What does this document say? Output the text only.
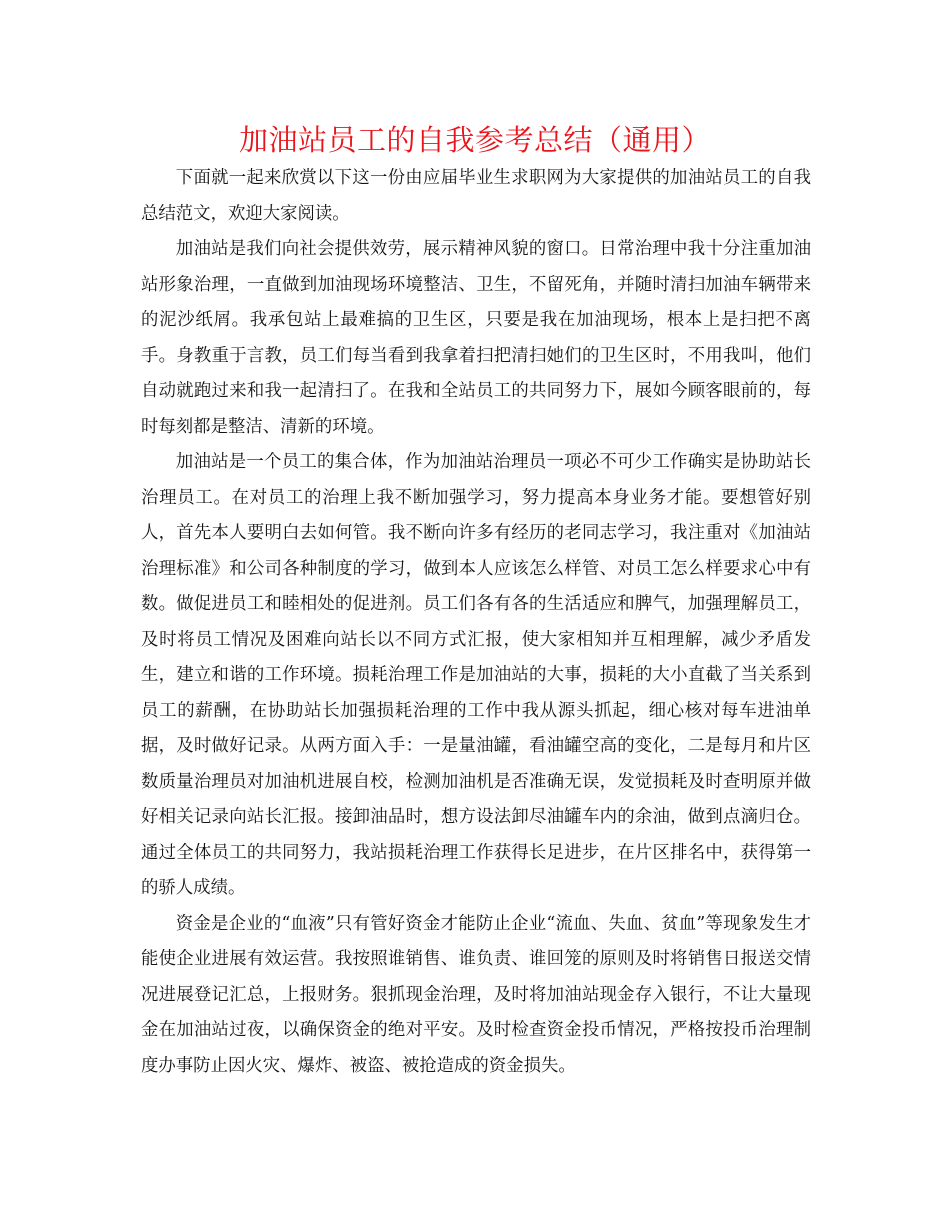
加油站员工的自我参考总结（通用）

下面就一起来欣赏以下这一份由应届毕业生求职网为大家提供的加油站员工的自我总结范文，欢迎大家阅读。

加油站是我们向社会提供效劳，展示精神风貌的窗口。日常治理中我十分注重加油站形象治理，一直做到加油现场环境整洁、卫生，不留死角，并随时清扫加油车辆带来的泥沙纸屑。我承包站上最难搞的卫生区，只要是我在加油现场，根本上是扫把不离手。身教重于言教，员工们每当看到我拿着扫把清扫她们的卫生区时，不用我叫，他们自动就跑过来和我一起清扫了。在我和全站员工的共同努力下，展如今顾客眼前的，每时每刻都是整洁、清新的环境。

加油站是一个员工的集合体，作为加油站治理员一项必不可少工作确实是协助站长治理员工。在对员工的治理上我不断加强学习，努力提高本身业务才能。要想管好别人，首先本人要明白去如何管。我不断向许多有经历的老同志学习，我注重对《加油站治理标准》和公司各种制度的学习，做到本人应该怎么样管、对员工怎么样要求心中有数。做促进员工和睦相处的促进剂。员工们各有各的生活适应和脾气，加强理解员工，及时将员工情况及困难向站长以不同方式汇报，使大家相知并互相理解，减少矛盾发生，建立和谐的工作环境。损耗治理工作是加油站的大事，损耗的大小直截了当关系到员工的薪酬，在协助站长加强损耗治理的工作中我从源头抓起，细心核对每车进油单据，及时做好记录。从两方面入手：一是量油罐，看油罐空高的变化，二是每月和片区数质量治理员对加油机进展自校，检测加油机是否准确无误，发觉损耗及时查明原并做好相关记录向站长汇报。接卸油品时，想方设法卸尽油罐车内的余油，做到点滴归仓。通过全体员工的共同努力，我站损耗治理工作获得长足进步，在片区排名中，获得第一的骄人成绩。

资金是企业的“血液”只有管好资金才能防止企业“流血、失血、贫血”等现象发生才能使企业进展有效运营。我按照谁销售、谁负责、谁回笼的原则及时将销售日报送交情况进展登记汇总，上报财务。狠抓现金治理，及时将加油站现金存入银行，不让大量现金在加油站过夜，以确保资金的绝对平安。及时检查资金投币情况，严格按投币治理制度办事防止因火灾、爆炸、被盗、被抢造成的资金损失。
